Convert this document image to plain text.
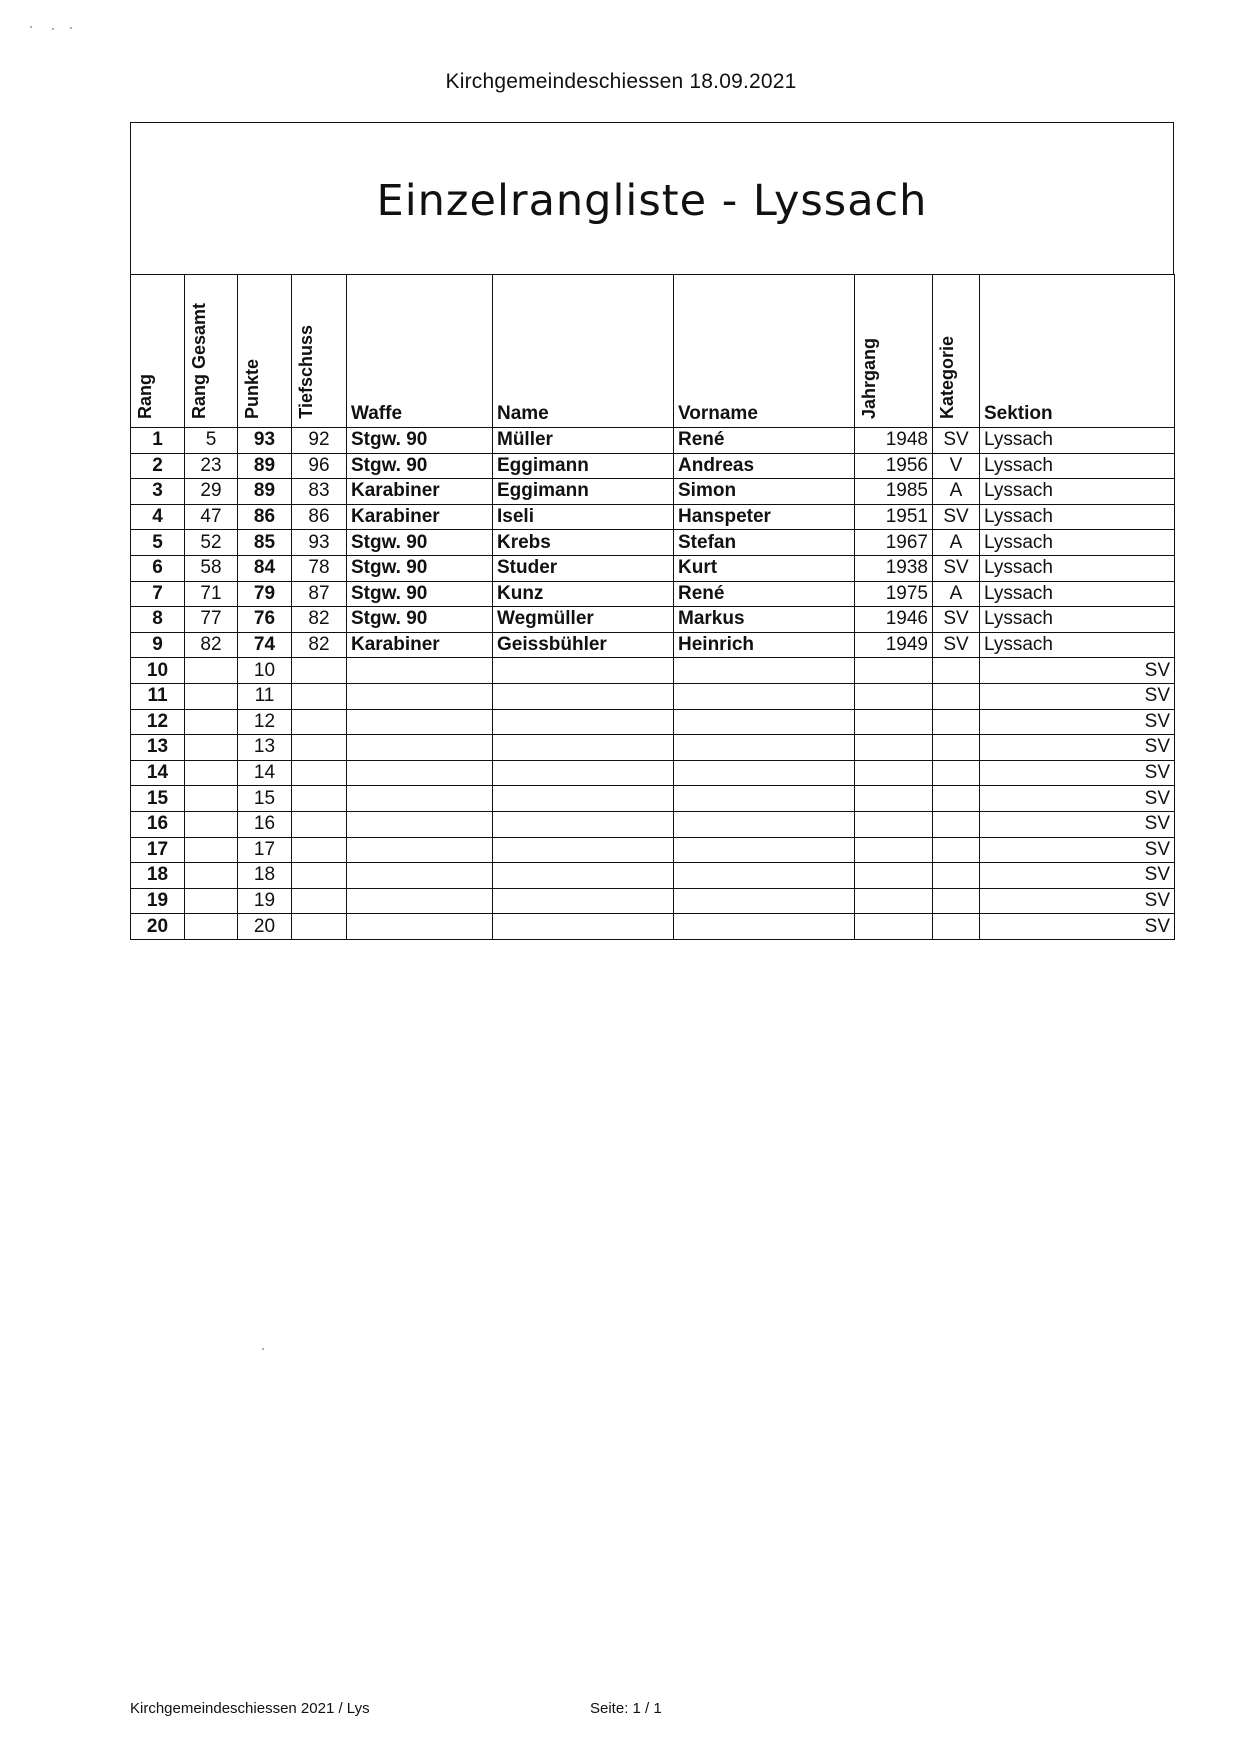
Kirchgemeindeschiessen 18.09.2021
Einzelrangliste - Lyssach
Rang	Rang Gesamt	Punkte	Tiefschuss	Waffe	Name	Vorname	Jahrgang	Kategorie	Sektion
1	5	93	92	Stgw. 90	Müller	René	1948	SV	Lyssach
2	23	89	96	Stgw. 90	Eggimann	Andreas	1956	V	Lyssach
3	29	89	83	Karabiner	Eggimann	Simon	1985	A	Lyssach
4	47	86	86	Karabiner	Iseli	Hanspeter	1951	SV	Lyssach
5	52	85	93	Stgw. 90	Krebs	Stefan	1967	A	Lyssach
6	58	84	78	Stgw. 90	Studer	Kurt	1938	SV	Lyssach
7	71	79	87	Stgw. 90	Kunz	René	1975	A	Lyssach
8	77	76	82	Stgw. 90	Wegmüller	Markus	1946	SV	Lyssach
9	82	74	82	Karabiner	Geissbühler	Heinrich	1949	SV	Lyssach
10		10							SV
11		11							SV
12		12							SV
13		13							SV
14		14							SV
15		15							SV
16		16							SV
17		17							SV
18		18							SV
19		19							SV
20		20							SV
Kirchgemeindeschiessen 2021 / Lys	Seite: 1 / 1
